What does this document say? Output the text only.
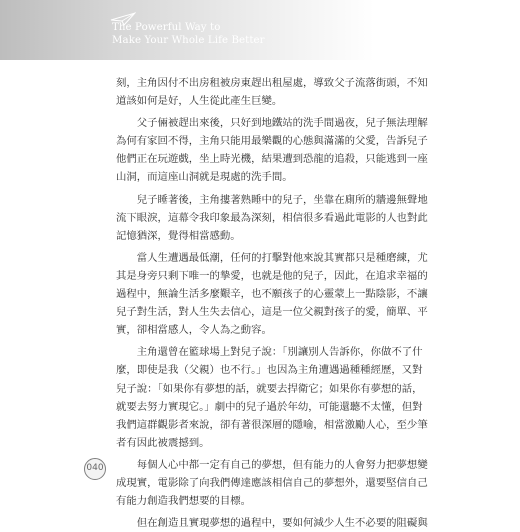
The Powerful Way to
Make Your Whole Life Better
刻，主角因付不出房租被房東趕出租屋處，導致父子流落街頭，不知
道該如何是好，人生從此產生巨變。
　　父子倆被趕出來後，只好到地鐵站的洗手間過夜，兒子無法理解
為何有家回不得，主角只能用最樂觀的心態與滿滿的父愛，告訴兒子
他們正在玩遊戲，坐上時光機，結果遭到恐龍的追殺，只能逃到一座
山洞，而這座山洞就是現處的洗手間。
　　兒子睡著後，主角摟著熟睡中的兒子，坐靠在廁所的牆邊無聲地
流下眼淚，這幕令我印象最為深刻，相信很多看過此電影的人也對此
記憶猶深，覺得相當感動。
　　當人生遭遇最低潮，任何的打擊對他來說其實都只是種磨練，尤
其是身旁只剩下唯一的摯愛，也就是他的兒子，因此，在追求幸福的
過程中，無論生活多麼艱辛，也不願孩子的心靈蒙上一點陰影，不讓
兒子對生活，對人生失去信心，這是一位父親對孩子的愛，簡單、平
實，卻相當感人，令人為之動容。
　　主角還曾在籃球場上對兒子說：「別讓別人告訴你，你做不了什
麼，即使是我（父親）也不行。」也因為主角遭遇過種種經歷，又對
兒子說：「如果你有夢想的話，就要去捍衛它；如果你有夢想的話，
就要去努力實現它。」劇中的兒子過於年幼，可能還聽不太懂，但對
我們這群觀影者來說，卻有著很深層的隱喻，相當激勵人心，至少筆
者有因此被震撼到。
　　每個人心中都一定有自己的夢想，但有能力的人會努力把夢想變
成現實，電影除了向我們傳達應該相信自己的夢想外，還要堅信自己
有能力創造我們想要的目標。
　　但在創造且實現夢想的過程中，要如何減少人生不必要的阻礙與
040
